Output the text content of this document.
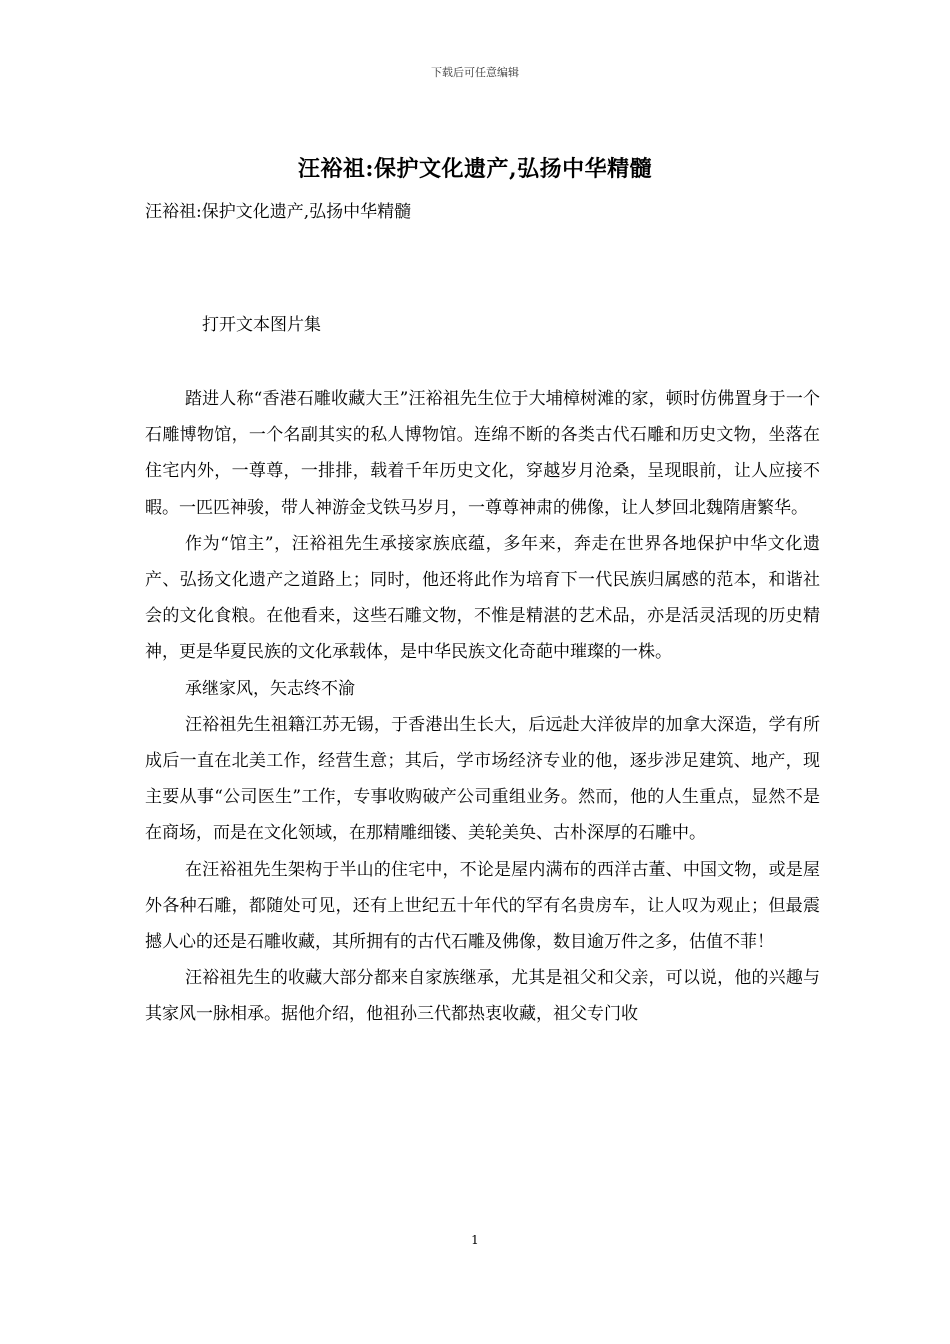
下载后可任意编辑
汪裕祖:保护文化遗产,弘扬中华精髓
汪裕祖:保护文化遗产,弘扬中华精髓
打开文本图片集

踏进人称“香港石雕收藏大王”汪裕祖先生位于大埔樟树滩的家，顿时仿佛置身于一个石雕博物馆，一个名副其实的私人博物馆。连绵不断的各类古代石雕和历史文物，坐落在住宅内外，一尊尊，一排排，载着千年历史文化，穿越岁月沧桑，呈现眼前，让人应接不暇。一匹匹神骏，带人神游金戈铁马岁月，一尊尊神肃的佛像，让人梦回北魏隋唐繁华。

作为“馆主”，汪裕祖先生承接家族底蕴，多年来，奔走在世界各地保护中华文化遗产、弘扬文化遗产之道路上；同时，他还将此作为培育下一代民族归属感的范本，和谐社会的文化食粮。在他看来，这些石雕文物，不惟是精湛的艺术品，亦是活灵活现的历史精神，更是华夏民族的文化承载体，是中华民族文化奇葩中璀璨的一株。

承继家风，矢志终不渝

汪裕祖先生祖籍江苏无锡，于香港出生长大，后远赴大洋彼岸的加拿大深造，学有所成后一直在北美工作，经营生意；其后，学市场经济专业的他，逐步涉足建筑、地产，现主要从事“公司医生”工作，专事收购破产公司重组业务。然而，他的人生重点，显然不是在商场，而是在文化领域，在那精雕细镂、美轮美奂、古朴深厚的石雕中。

在汪裕祖先生架构于半山的住宅中，不论是屋内满布的西洋古董、中国文物，或是屋外各种石雕，都随处可见，还有上世纪五十年代的罕有名贵房车，让人叹为观止；但最震撼人心的还是石雕收藏，其所拥有的古代石雕及佛像，数目逾万件之多，估值不菲！

汪裕祖先生的收藏大部分都来自家族继承，尤其是祖父和父亲，可以说，他的兴趣与其家风一脉相承。据他介绍，他祖孙三代都热衷收藏，祖父专门收

1
